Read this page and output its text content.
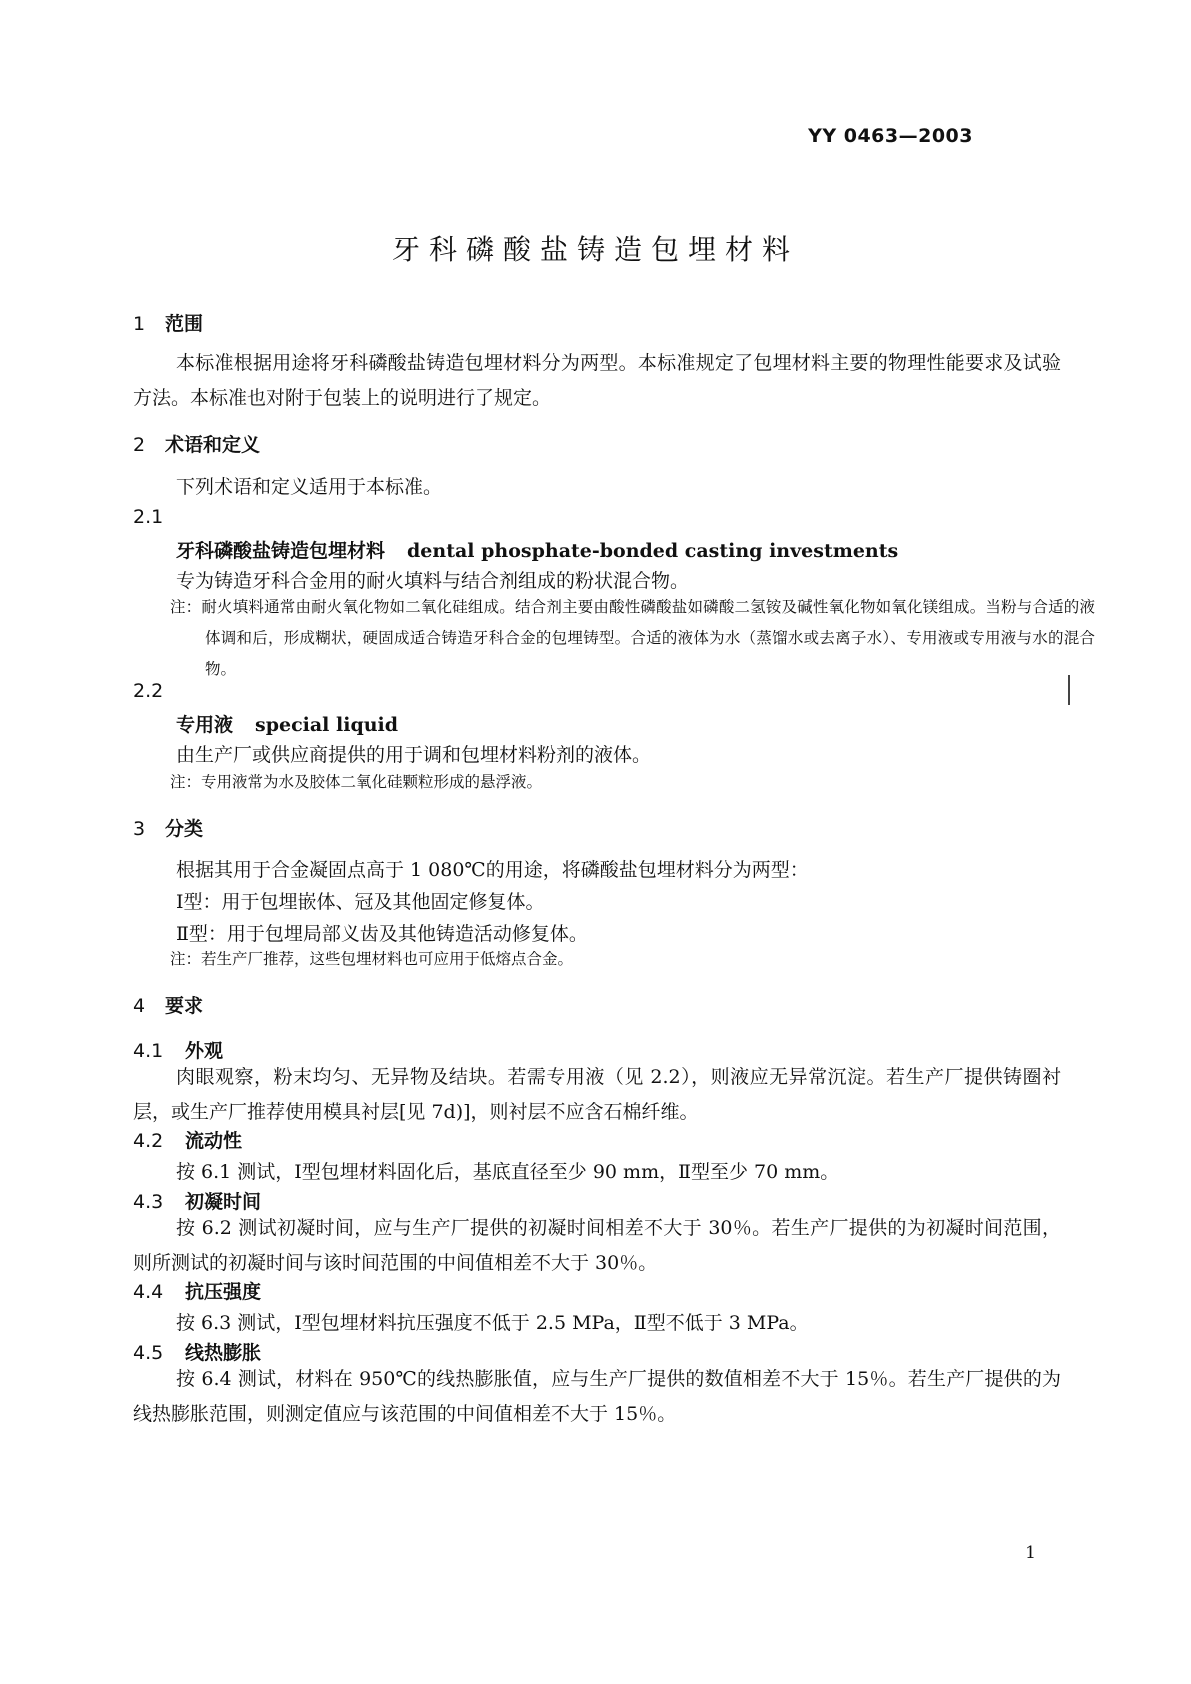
YY 0463—2003
牙科磷酸盐铸造包埋材料
1 范围
本标准根据用途将牙科磷酸盐铸造包埋材料分为两型。本标准规定了包埋材料主要的物理性能要求及试验方法。本标准也对附于包装上的说明进行了规定。
2 术语和定义
下列术语和定义适用于本标准。
2.1
牙科磷酸盐铸造包埋材料 dental phosphate-bonded casting investments
专为铸造牙科合金用的耐火填料与结合剂组成的粉状混合物。
注：耐火填料通常由耐火氧化物如二氧化硅组成。结合剂主要由酸性磷酸盐如磷酸二氢铵及碱性氧化物如氧化镁组成。当粉与合适的液体调和后，形成糊状，硬固成适合铸造牙科合金的包埋铸型。合适的液体为水（蒸馏水或去离子水）、专用液或专用液与水的混合物。
2.2
专用液 special liquid
由生产厂或供应商提供的用于调和包埋材料粉剂的液体。
注：专用液常为水及胶体二氧化硅颗粒形成的悬浮液。
3 分类
根据其用于合金凝固点高于 1 080℃的用途，将磷酸盐包埋材料分为两型：
Ⅰ型：用于包埋嵌体、冠及其他固定修复体。
Ⅱ型：用于包埋局部义齿及其他铸造活动修复体。
注：若生产厂推荐，这些包埋材料也可应用于低熔点合金。
4 要求
4.1 外观
肉眼观察，粉末均匀、无异物及结块。若需专用液（见 2.2），则液应无异常沉淀。若生产厂提供铸圈衬层，或生产厂推荐使用模具衬层[见 7d)]，则衬层不应含石棉纤维。
4.2 流动性
按 6.1 测试，Ⅰ型包埋材料固化后，基底直径至少 90 mm，Ⅱ型至少 70 mm。
4.3 初凝时间
按 6.2 测试初凝时间，应与生产厂提供的初凝时间相差不大于 30％。若生产厂提供的为初凝时间范围，则所测试的初凝时间与该时间范围的中间值相差不大于 30％。
4.4 抗压强度
按 6.3 测试，Ⅰ型包埋材料抗压强度不低于 2.5 MPa，Ⅱ型不低于 3 MPa。
4.5 线热膨胀
按 6.4 测试，材料在 950℃的线热膨胀值，应与生产厂提供的数值相差不大于 15％。若生产厂提供的为线热膨胀范围，则测定值应与该范围的中间值相差不大于 15％。
1
